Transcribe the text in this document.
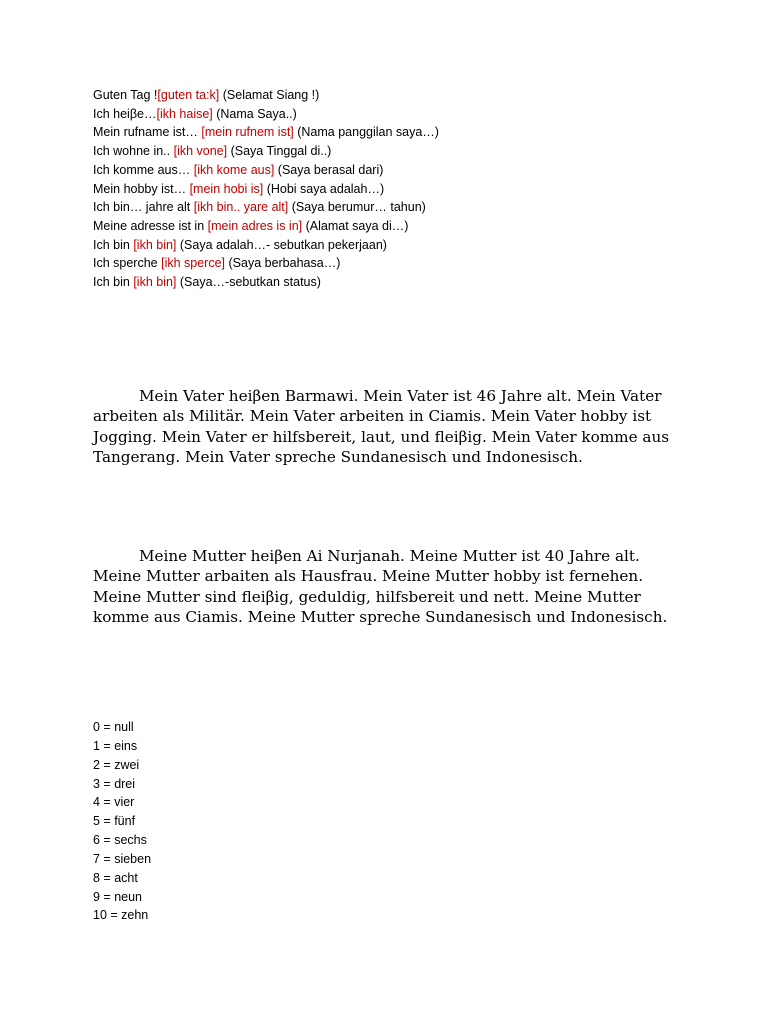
Guten Tag ![guten ta:k] (Selamat Siang !)
Ich heiβe…[ikh haise] (Nama Saya..)
Mein rufname ist… [mein rufnem ist] (Nama panggilan saya…)
Ich wohne in.. [ikh vone] (Saya Tinggal di..)
Ich komme aus… [ikh kome aus] (Saya berasal dari)
Mein hobby ist… [mein hobi is] (Hobi saya adalah…)
Ich bin… jahre alt [ikh bin.. yare alt] (Saya berumur… tahun)
Meine adresse ist in [mein adres is in] (Alamat saya di…)
Ich bin [ikh bin] (Saya adalah…- sebutkan pekerjaan)
Ich sperche [ikh sperce] (Saya berbahasa…)
Ich bin [ikh bin] (Saya…-sebutkan status)

Mein Vater heiβen Barmawi. Mein Vater ist 46 Jahre alt. Mein Vater arbeiten als Militär. Mein Vater arbeiten in Ciamis. Mein Vater hobby ist Jogging. Mein Vater er hilfsbereit, laut, und fleiβig. Mein Vater komme aus Tangerang. Mein Vater spreche Sundanesisch und Indonesisch.

Meine Mutter heiβen Ai Nurjanah. Meine Mutter ist 40 Jahre alt. Meine Mutter arbaiten als Hausfrau. Meine Mutter hobby ist fernehen. Meine Mutter sind fleiβig, geduldig, hilfsbereit und nett. Meine Mutter komme aus Ciamis. Meine Mutter spreche Sundanesisch und Indonesisch.

0 = null
1 = eins
2 = zwei
3 = drei
4 = vier
5 = fünf
6 = sechs
7 = sieben
8 = acht
9 = neun
10 = zehn
